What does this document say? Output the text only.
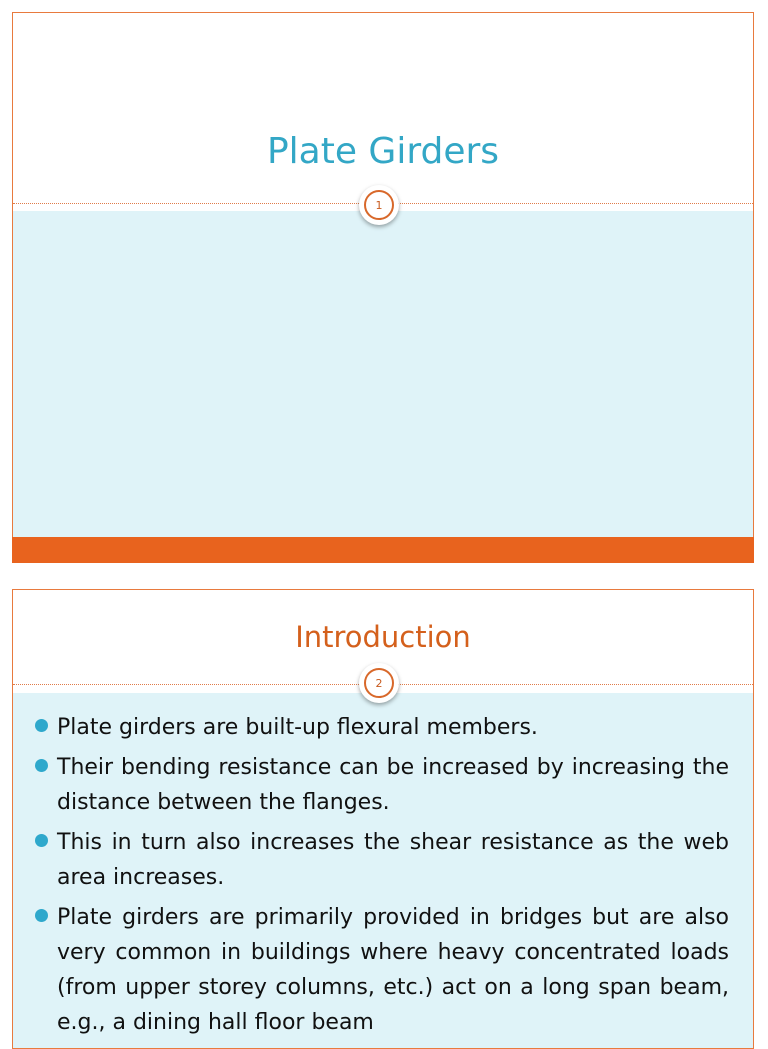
Plate Girders
1
Introduction
Plate girders are built-up flexural members.
Their bending resistance can be increased by increasing the distance between the flanges.
This in turn also increases the shear resistance as the web area increases.
Plate girders are primarily provided in bridges but are also very common in buildings where heavy concentrated loads (from upper storey columns, etc.) act on a long span beam, e.g., a dining hall floor beam
2
